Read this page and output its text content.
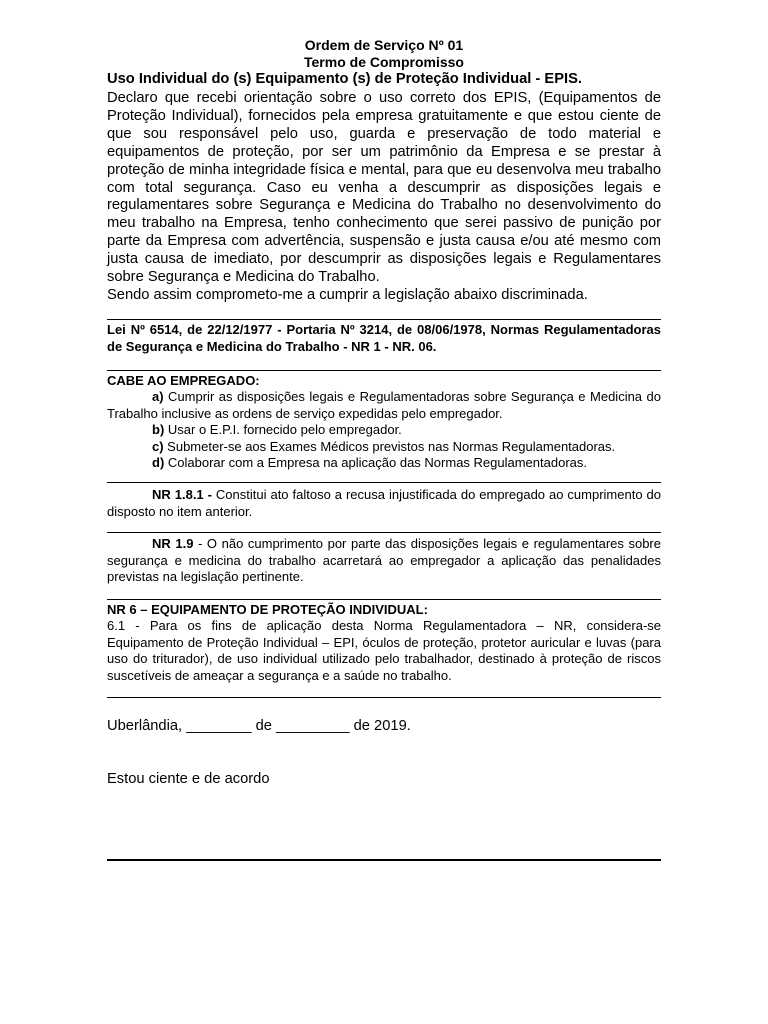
Ordem de Serviço Nº 01
Termo de Compromisso
Uso Individual do (s) Equipamento (s) de Proteção Individual - EPIS.

Declaro que recebi orientação sobre o uso correto dos EPIS, (Equipamentos de Proteção Individual), fornecidos pela empresa gratuitamente e que estou ciente de que sou responsável pelo uso, guarda e preservação de todo material e equipamentos de proteção, por ser um patrimônio da Empresa e se prestar à proteção de minha integridade física e mental, para que eu desenvolva meu trabalho com total segurança. Caso eu venha a descumprir as disposições legais e regulamentares sobre Segurança e Medicina do Trabalho no desenvolvimento do meu trabalho na Empresa, tenho conhecimento que serei passivo de punição por parte da Empresa com advertência, suspensão e justa causa e/ou até mesmo com justa causa de imediato, por descumprir as disposições legais e Regulamentares sobre Segurança e Medicina do Trabalho.

Sendo assim comprometo-me a cumprir a legislação abaixo discriminada.

Lei Nº 6514, de 22/12/1977 - Portaria Nº 3214, de 08/06/1978, Normas Regulamentadoras de Segurança e Medicina do Trabalho - NR 1 - NR. 06.
CABE AO EMPREGADO:
a) Cumprir as disposições legais e Regulamentadoras sobre Segurança e Medicina do Trabalho inclusive as ordens de serviço expedidas pelo empregador.
b) Usar o E.P.I. fornecido pelo empregador.
c) Submeter-se aos Exames Médicos previstos nas Normas Regulamentadoras.
d) Colaborar com a Empresa na aplicação das Normas Regulamentadoras.
NR 1.8.1 - Constitui ato faltoso a recusa injustificada do empregado ao cumprimento do disposto no item anterior.
NR 1.9 - O não cumprimento por parte das disposições legais e regulamentares sobre segurança e medicina do trabalho acarretará ao empregador a aplicação das penalidades previstas na legislação pertinente.
NR 6 – EQUIPAMENTO DE PROTEÇÃO INDIVIDUAL:
6.1 - Para os fins de aplicação desta Norma Regulamentadora – NR, considera-se Equipamento de Proteção Individual – EPI, óculos de proteção, protetor auricular e luvas (para uso do triturador), de uso individual utilizado pelo trabalhador, destinado à proteção de riscos suscetíveis de ameaçar a segurança e a saúde no trabalho.
Uberlândia, ________ de _________ de 2019.
Estou ciente e de acordo
